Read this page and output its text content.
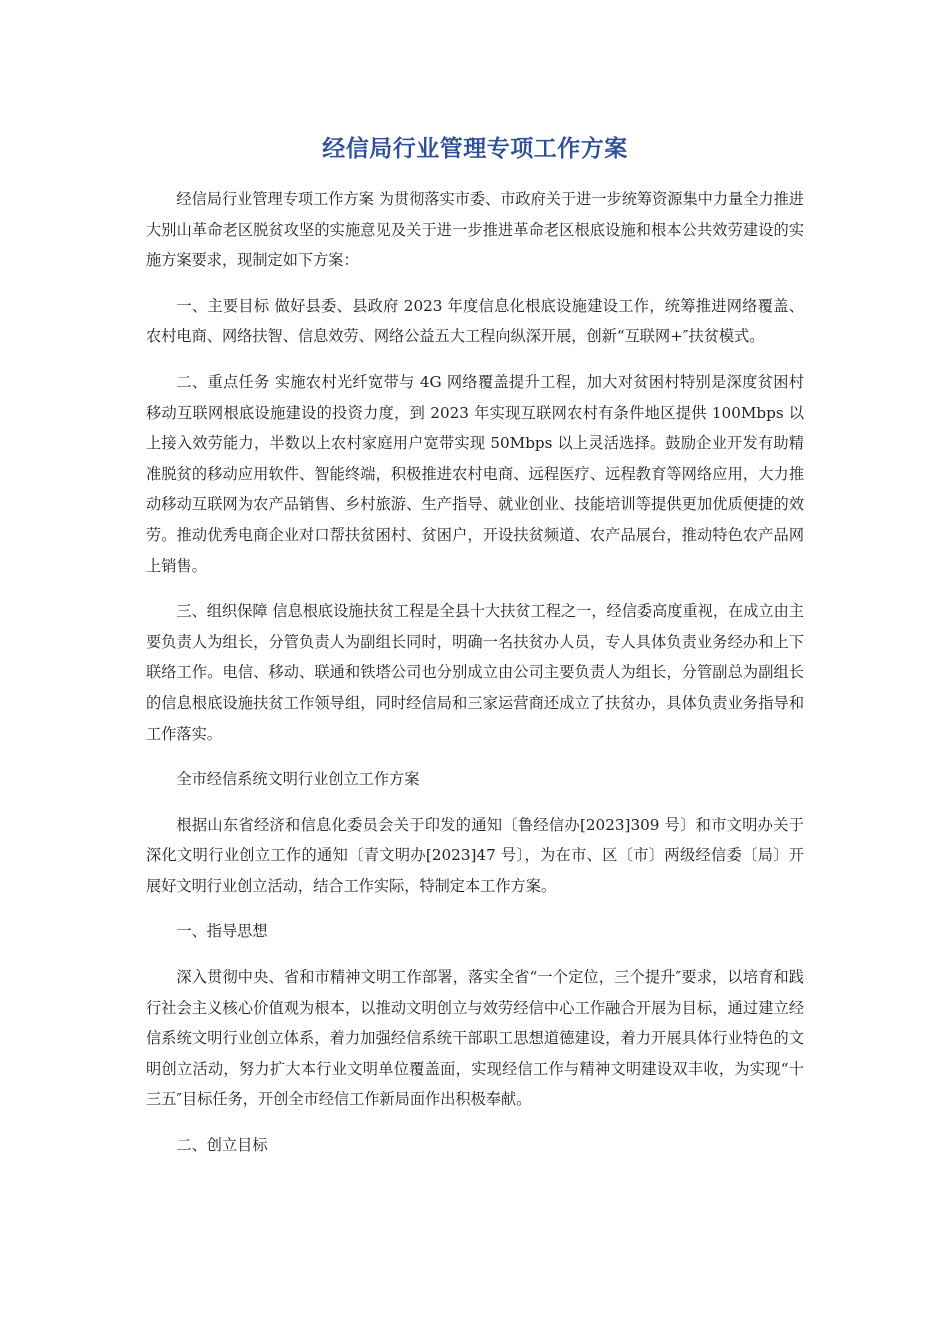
经信局行业管理专项工作方案

经信局行业管理专项工作方案 为贯彻落实市委、市政府关于进一步统筹资源集中力量全力推进大别山革命老区脱贫攻坚的实施意见及关于进一步推进革命老区根底设施和根本公共效劳建设的实施方案要求，现制定如下方案：

一、主要目标 做好县委、县政府 2023 年度信息化根底设施建设工作，统筹推进网络覆盖、农村电商、网络扶智、信息效劳、网络公益五大工程向纵深开展，创新“互联网+″扶贫模式。

二、重点任务 实施农村光纤宽带与 4G 网络覆盖提升工程，加大对贫困村特别是深度贫困村移动互联网根底设施建设的投资力度，到 2023 年实现互联网农村有条件地区提供 100Mbps 以上接入效劳能力，半数以上农村家庭用户宽带实现 50Mbps 以上灵活选择。鼓励企业开发有助精准脱贫的移动应用软件、智能终端，积极推进农村电商、远程医疗、远程教育等网络应用，大力推动移动互联网为农产品销售、乡村旅游、生产指导、就业创业、技能培训等提供更加优质便捷的效劳。推动优秀电商企业对口帮扶贫困村、贫困户，开设扶贫频道、农产品展台，推动特色农产品网上销售。

三、组织保障 信息根底设施扶贫工程是全县十大扶贫工程之一，经信委高度重视，在成立由主要负责人为组长，分管负责人为副组长同时，明确一名扶贫办人员，专人具体负责业务经办和上下联络工作。电信、移动、联通和铁塔公司也分别成立由公司主要负责人为组长，分管副总为副组长的信息根底设施扶贫工作领导组，同时经信局和三家运营商还成立了扶贫办，具体负责业务指导和工作落实。

全市经信系统文明行业创立工作方案

根据山东省经济和信息化委员会关于印发的通知〔鲁经信办[2023]309 号〕和市文明办关于深化文明行业创立工作的通知〔青文明办[2023]47 号〕，为在市、区〔市〕两级经信委〔局〕开展好文明行业创立活动，结合工作实际，特制定本工作方案。

一、指导思想

深入贯彻中央、省和市精神文明工作部署，落实全省“一个定位，三个提升″要求，以培育和践行社会主义核心价值观为根本，以推动文明创立与效劳经信中心工作融合开展为目标，通过建立经信系统文明行业创立体系，着力加强经信系统干部职工思想道德建设，着力开展具体行业特色的文明创立活动，努力扩大本行业文明单位覆盖面，实现经信工作与精神文明建设双丰收，为实现“十三五″目标任务，开创全市经信工作新局面作出积极奉献。

二、创立目标
